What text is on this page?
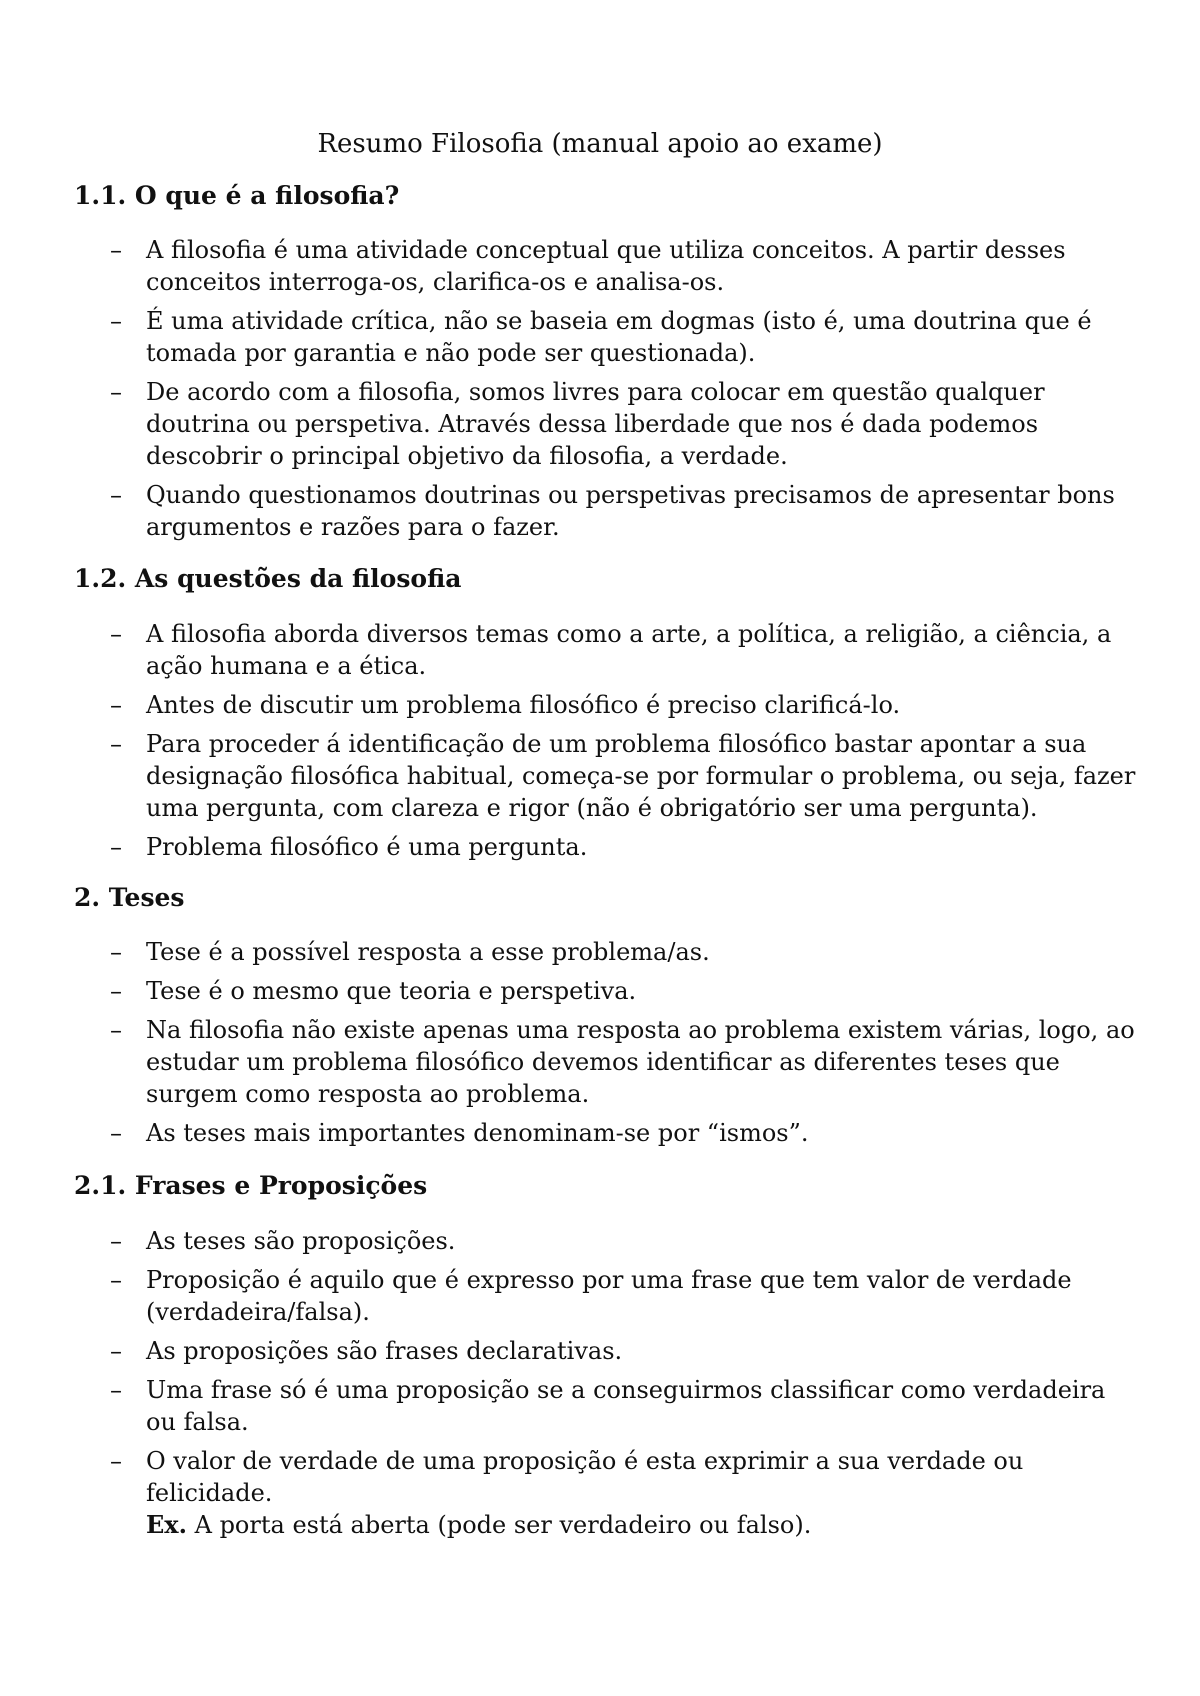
Resumo Filosofia (manual apoio ao exame)
1.1. O que é a filosofia?
– A filosofia é uma atividade conceptual que utiliza conceitos. A partir desses conceitos interroga-os, clarifica-os e analisa-os.
– É uma atividade crítica, não se baseia em dogmas (isto é, uma doutrina que é tomada por garantia e não pode ser questionada).
– De acordo com a filosofia, somos livres para colocar em questão qualquer doutrina ou perspetiva. Através dessa liberdade que nos é dada podemos descobrir o principal objetivo da filosofia, a verdade.
– Quando questionamos doutrinas ou perspetivas precisamos de apresentar bons argumentos e razões para o fazer.
1.2. As questões da filosofia
– A filosofia aborda diversos temas como a arte, a política, a religião, a ciência, a ação humana e a ética.
– Antes de discutir um problema filosófico é preciso clarificá-lo.
– Para proceder á identificação de um problema filosófico bastar apontar a sua designação filosófica habitual, começa-se por formular o problema, ou seja, fazer uma pergunta, com clareza e rigor (não é obrigatório ser uma pergunta).
– Problema filosófico é uma pergunta.
2. Teses
– Tese é a possível resposta a esse problema/as.
– Tese é o mesmo que teoria e perspetiva.
– Na filosofia não existe apenas uma resposta ao problema existem várias, logo, ao estudar um problema filosófico devemos identificar as diferentes teses que surgem como resposta ao problema.
– As teses mais importantes denominam-se por “ismos”.
2.1. Frases e Proposições
– As teses são proposições.
– Proposição é aquilo que é expresso por uma frase que tem valor de verdade (verdadeira/falsa).
– As proposições são frases declarativas.
– Uma frase só é uma proposição se a conseguirmos classificar como verdadeira ou falsa.
– O valor de verdade de uma proposição é esta exprimir a sua verdade ou felicidade.
Ex. A porta está aberta (pode ser verdadeiro ou falso).
